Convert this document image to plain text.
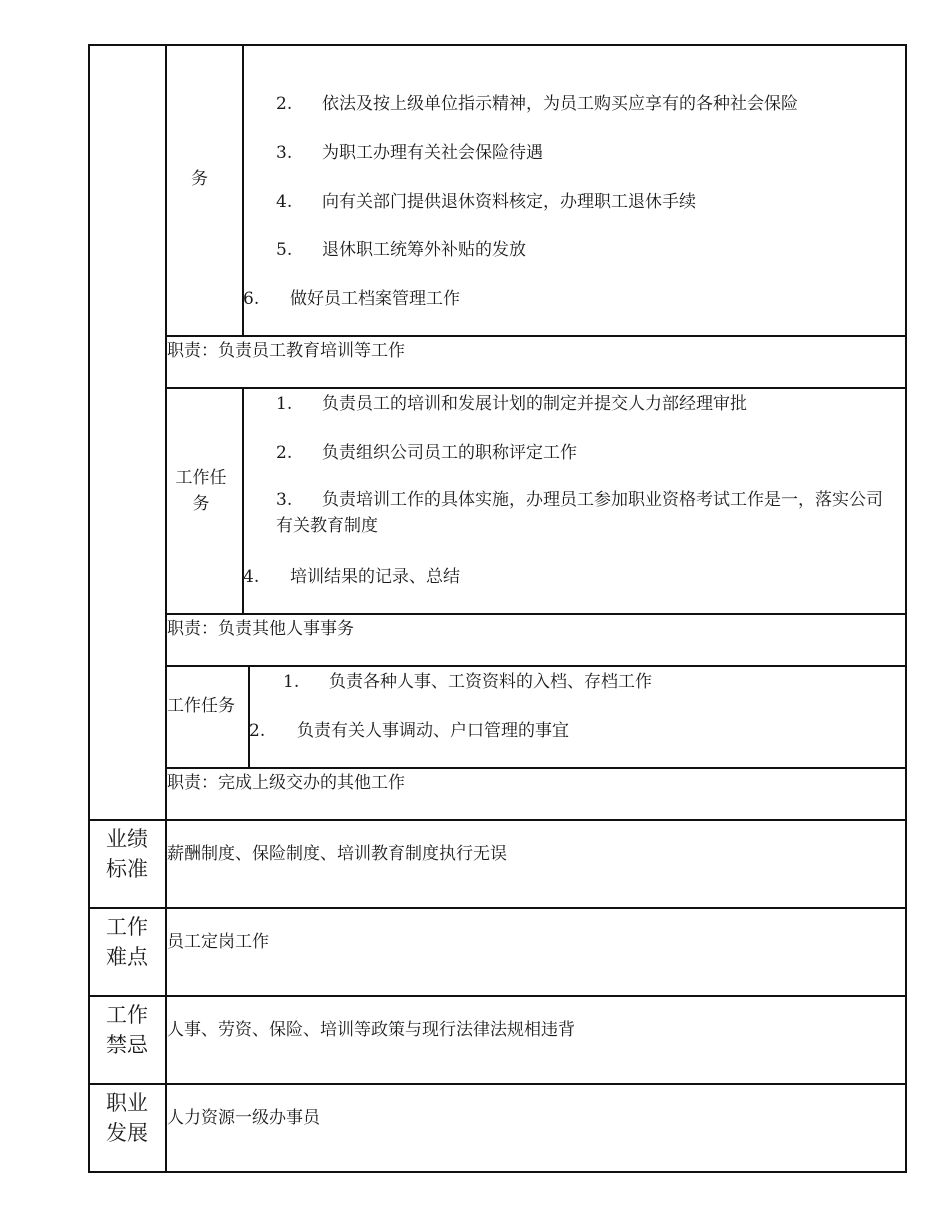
务
2. 依法及按上级单位指示精神，为员工购买应享有的各种社会保险
3. 为职工办理有关社会保险待遇
4. 向有关部门提供退休资料核定，办理职工退休手续
5. 退休职工统筹外补贴的发放
6. 做好员工档案管理工作
职责：负责员工教育培训等工作
工作任务
1. 负责员工的培训和发展计划的制定并提交人力部经理审批
2. 负责组织公司员工的职称评定工作
3.	负责培训工作的具体实施，办理员工参加职业资格考试工作是一，落实公司有关教育制度
4. 培训结果的记录、总结
职责：负责其他人事事务
工作任务
1. 负责各种人事、工资资料的入档、存档工作
2. 负责有关人事调动、户口管理的事宜
职责：完成上级交办的其他工作
业绩标准
薪酬制度、保险制度、培训教育制度执行无误
工作难点
员工定岗工作
工作禁忌
人事、劳资、保险、培训等政策与现行法律法规相违背
职业发展
人力资源一级办事员
